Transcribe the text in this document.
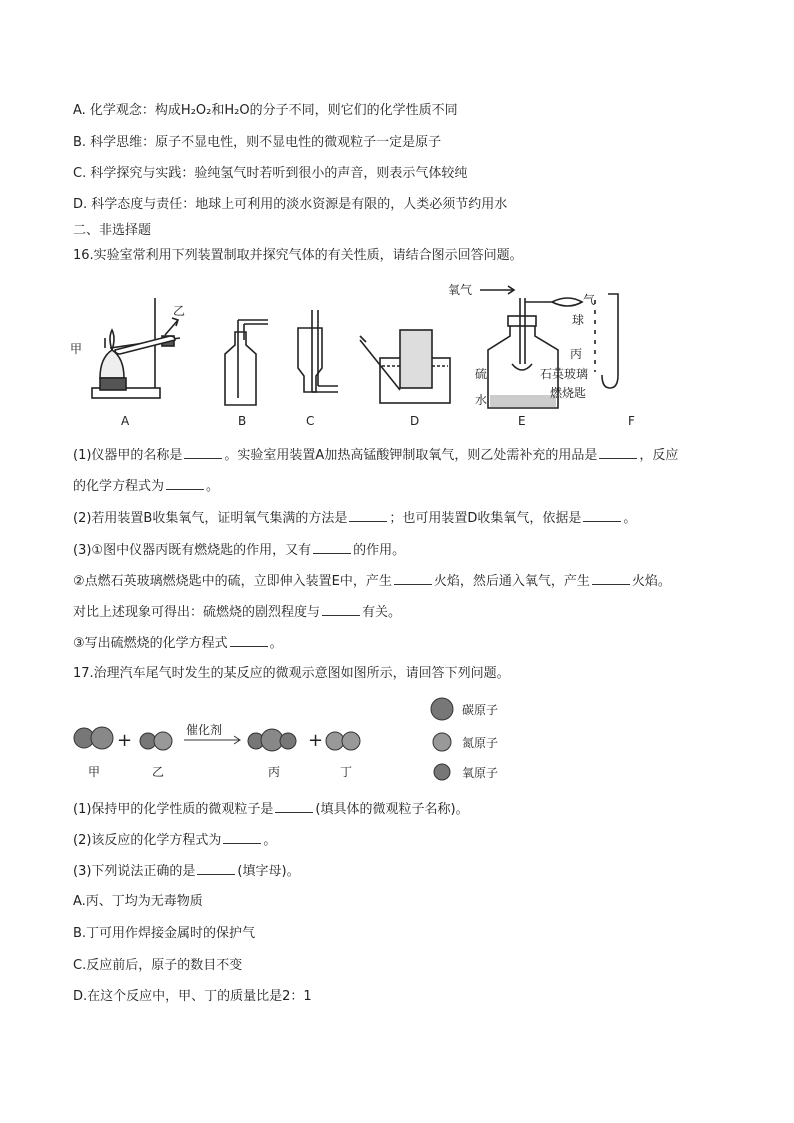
A. 化学观念：构成H₂O₂和H₂O的分子不同，则它们的化学性质不同
B. 科学思维：原子不显电性，则不显电性的微观粒子一定是原子
C. 科学探究与实践：验纯氢气时若听到很小的声音，则表示气体较纯
D. 科学态度与责任：地球上可利用的淡水资源是有限的，人类必须节约用水
二、非选择题
16.实验室常利用下列装置制取并探究气体的有关性质，请结合图示回答问题。
甲
乙
A	B	C	D	E	F
氧气
气
球
丙
硫
水
石英玻璃
燃烧匙
(1)仪器甲的名称是	。实验室用装置A加热高锰酸钾制取氧气，则乙处需补充的用品是	，反应
的化学方程式为	。
(2)若用装置B收集氧气，证明氧气集满的方法是	；也可用装置D收集氧气，依据是	。
(3)①图中仪器丙既有燃烧匙的作用，又有	的作用。
②点燃石英玻璃燃烧匙中的硫，立即伸入装置E中，产生	火焰，然后通入氧气，产生	火焰。
对比上述现象可得出：硫燃烧的剧烈程度与	有关。
③写出硫燃烧的化学方程式	。
17.治理汽车尾气时发生的某反应的微观示意图如图所示，请回答下列问题。
+	+
催化剂
甲	乙	丙	丁
碳原子
氮原子
氧原子
(1)保持甲的化学性质的微观粒子是	(填具体的微观粒子名称)。
(2)该反应的化学方程式为	。
(3)下列说法正确的是	(填字母)。
A.丙、丁均为无毒物质
B.丁可用作焊接金属时的保护气
C.反应前后，原子的数目不变
D.在这个反应中，甲、丁的质量比是2：1
